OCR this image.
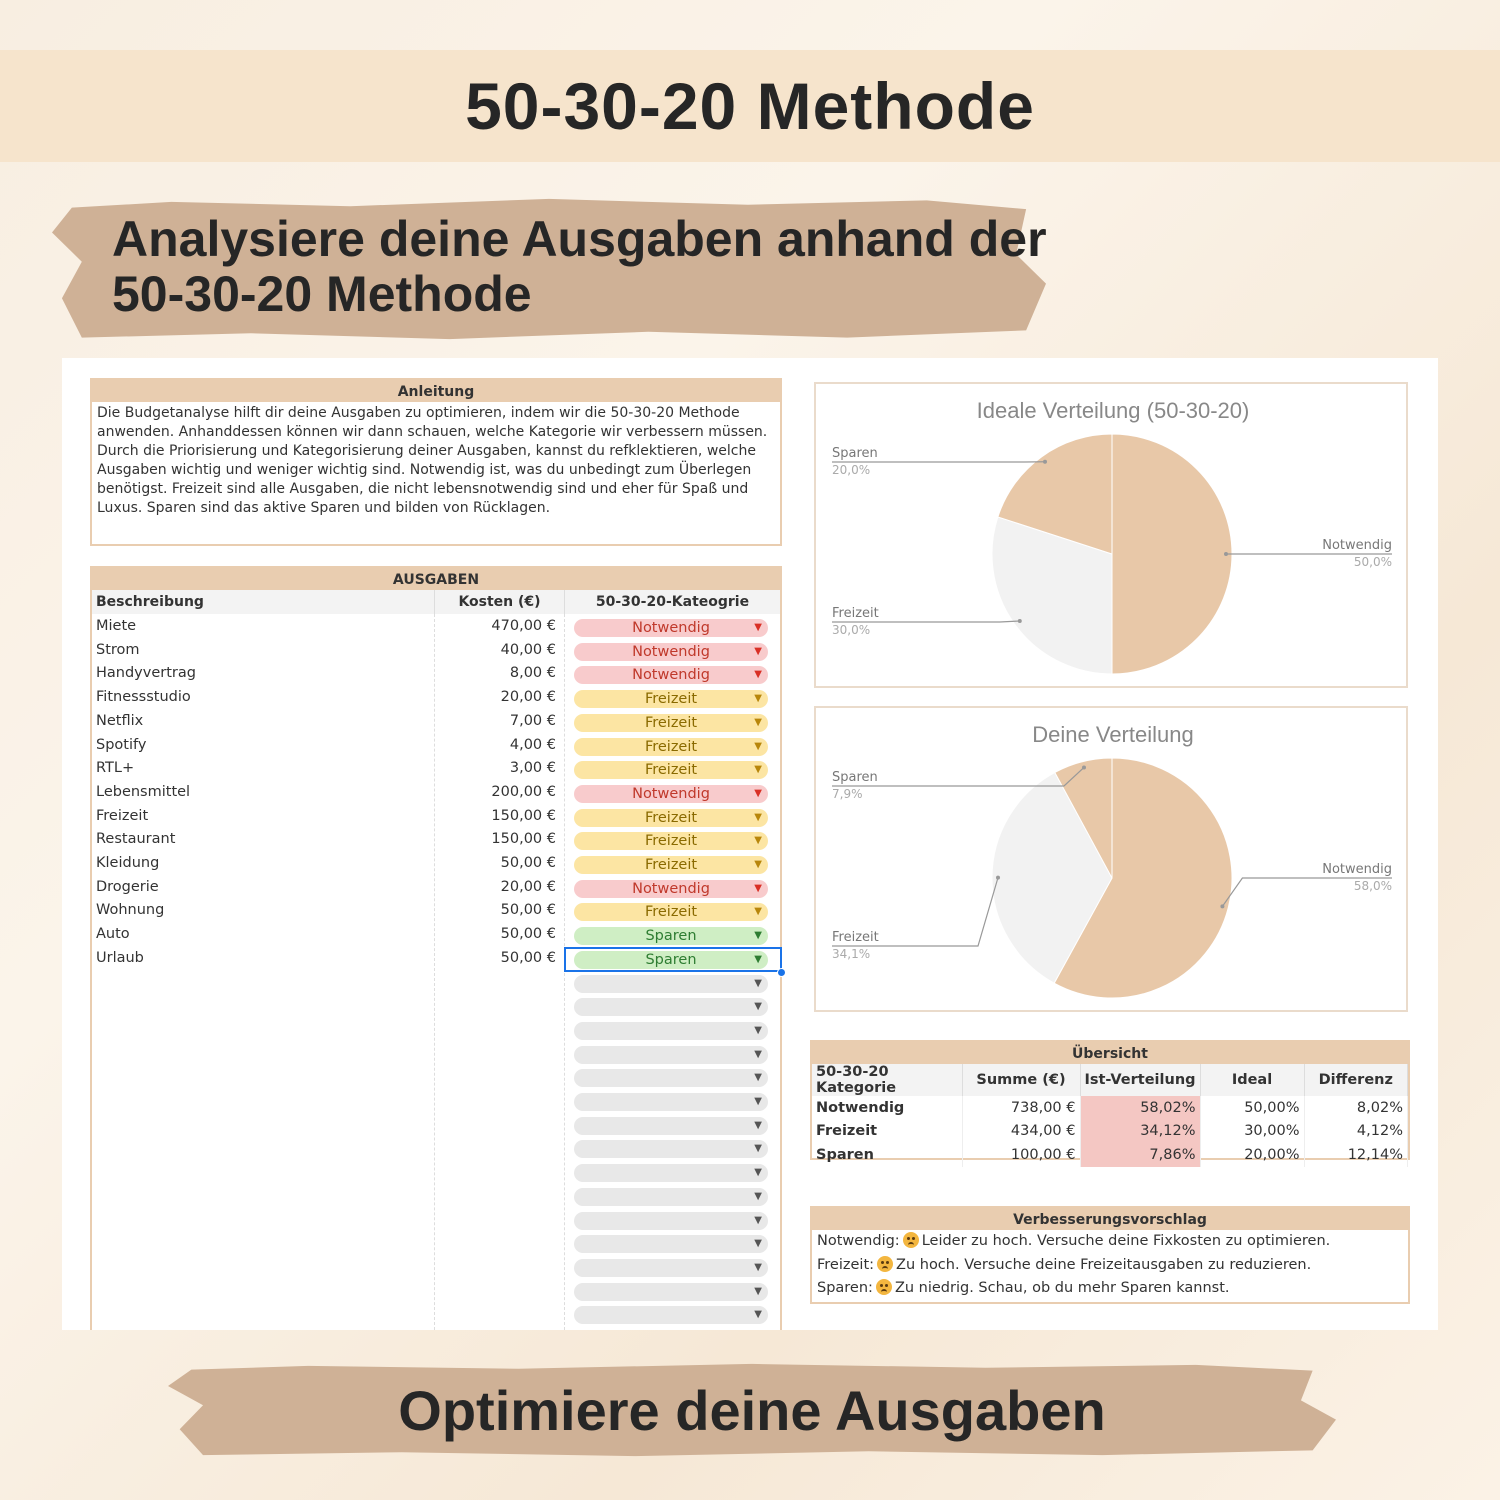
50-30-20 Methode
Analysiere deine Ausgaben anhand der
50-30-20 Methode
Anleitung

Die Budgetanalyse hilft dir deine Ausgaben zu optimieren, indem wir die 50-30-20 Methode anwenden. Anhanddessen können wir dann schauen, welche Kategorie wir verbessern müssen. Durch die Priorisierung und Kategorisierung deiner Ausgaben, kannst du refklektieren, welche Ausgaben wichtig und weniger wichtig sind. Notwendig ist, was du unbedingt zum Überlegen benötigst. Freizeit sind alle Ausgaben, die nicht lebensnotwendig sind und eher für Spaß und Luxus. Sparen sind das aktive Sparen und bilden von Rücklagen.

AUSGABEN
Beschreibung	Kosten (€)	50-30-20-Kateogrie
Miete	470,00 €	Notwendig	▼
Strom	40,00 €	Notwendig	▼
Handyvertrag	8,00 €	Notwendig	▼
Fitnessstudio	20,00 €	Freizeit	▼
Netflix	7,00 €	Freizeit	▼
Spotify	4,00 €	Freizeit	▼
RTL+	3,00 €	Freizeit	▼
Lebensmittel	200,00 €	Notwendig	▼
Freizeit	150,00 €	Freizeit	▼
Restaurant	150,00 €	Freizeit	▼
Kleidung	50,00 €	Freizeit	▼
Drogerie	20,00 €	Notwendig	▼
Wohnung	50,00 €	Freizeit	▼
Auto	50,00 €	Sparen	▼
Urlaub	50,00 €	Sparen	▼
▼
▼
▼
▼
▼
▼
▼
▼
▼
▼
▼
▼
▼
▼
▼
Ideale Verteilung (50-30-20)
Notwendig
50,0%
Freizeit
30,0%
Sparen
20,0%
Deine Verteilung
Notwendig
58,0%
Freizeit
34,1%
Sparen
7,9%
Übersicht
50-30-20 Kategorie	Summe (€)	Ist-Verteilung	Ideal	Differenz
Notwendig	738,00 €	58,02%	50,00%	8,02%
Freizeit	434,00 €	34,12%	30,00%	4,12%
Sparen	100,00 €	7,86%	20,00%	12,14%
Verbesserungsvorschlag
Notwendig: Leider zu hoch. Versuche deine Fixkosten zu optimieren.
Freizeit: Zu hoch. Versuche deine Freizeitausgaben zu reduzieren.
Sparen: Zu niedrig. Schau, ob du mehr Sparen kannst.
Optimiere deine Ausgaben
